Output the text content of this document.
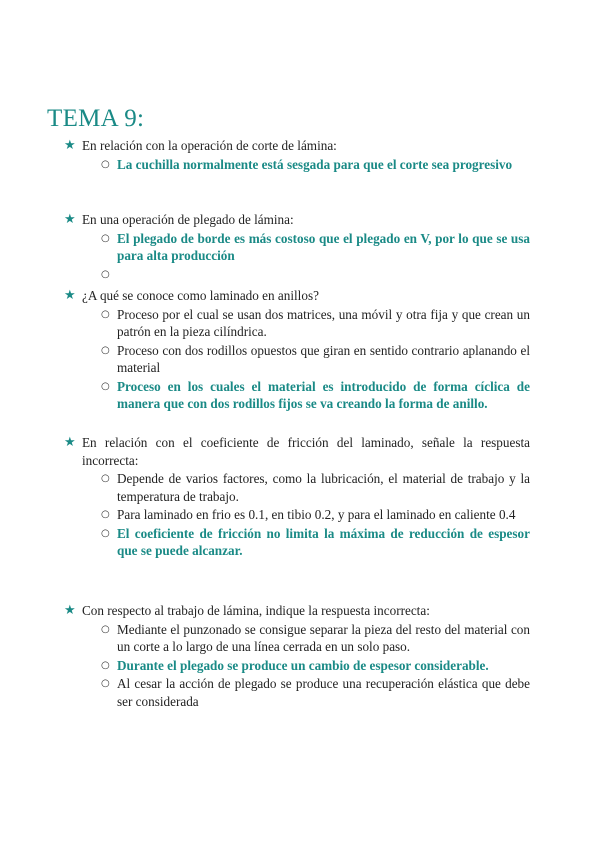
TEMA 9:
★ En relación con la operación de corte de lámina:
○ La cuchilla normalmente está sesgada para que el corte sea progresivo
★ En una operación de plegado de lámina:
○ El plegado de borde es más costoso que el plegado en V, por lo que se usa para alta producción
○
★ ¿A qué se conoce como laminado en anillos?
○ Proceso por el cual se usan dos matrices, una móvil y otra fija y que crean un patrón en la pieza cilíndrica.
○ Proceso con dos rodillos opuestos que giran en sentido contrario aplanando el material
○ Proceso en los cuales el material es introducido de forma cíclica de manera que con dos rodillos fijos se va creando la forma de anillo.
★ En relación con el coeficiente de fricción del laminado, señale la respuesta incorrecta:
○ Depende de varios factores, como la lubricación, el material de trabajo y la temperatura de trabajo.
○ Para laminado en frio es 0.1, en tibio 0.2, y para el laminado en caliente 0.4
○ El coeficiente de fricción no limita la máxima de reducción de espesor que se puede alcanzar.
★ Con respecto al trabajo de lámina, indique la respuesta incorrecta:
○ Mediante el punzonado se consigue separar la pieza del resto del material con un corte a lo largo de una línea cerrada en un solo paso.
○ Durante el plegado se produce un cambio de espesor considerable.
○ Al cesar la acción de plegado se produce una recuperación elástica que debe ser considerada
